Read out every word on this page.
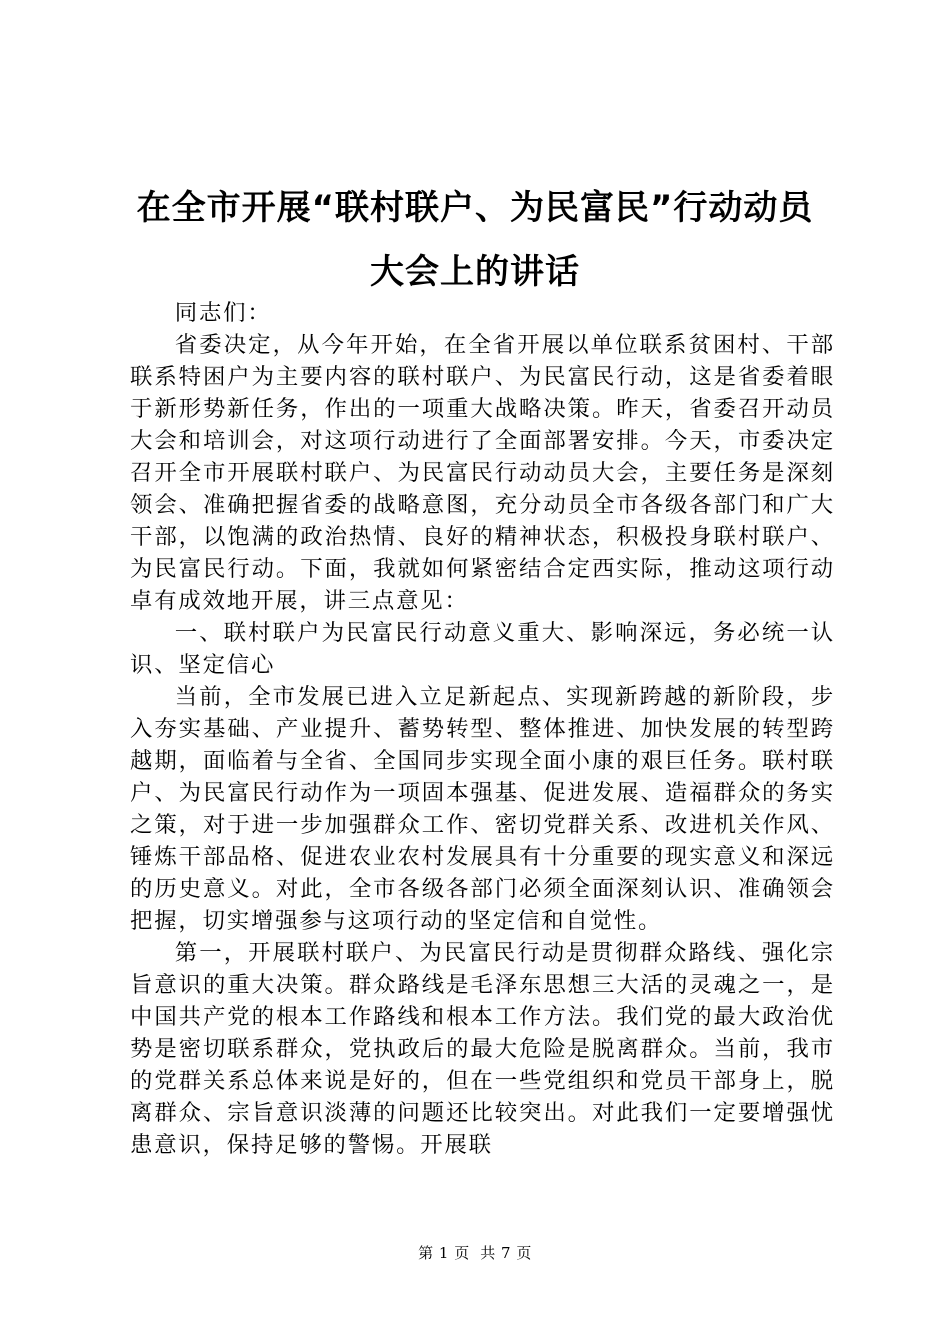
在全市开展“联村联户、为民富民”行动动员
大会上的讲话

同志们：

省委决定，从今年开始，在全省开展以单位联系贫困村、干部联系特困户为主要内容的联村联户、为民富民行动，这是省委着眼于新形势新任务，作出的一项重大战略决策。昨天，省委召开动员大会和培训会，对这项行动进行了全面部署安排。今天，市委决定召开全市开展联村联户、为民富民行动动员大会，主要任务是深刻领会、准确把握省委的战略意图，充分动员全市各级各部门和广大干部，以饱满的政治热情、良好的精神状态，积极投身联村联户、为民富民行动。下面，我就如何紧密结合定西实际，推动这项行动卓有成效地开展，讲三点意见：

一、联村联户为民富民行动意义重大、影响深远，务必统一认识、坚定信心

当前，全市发展已进入立足新起点、实现新跨越的新阶段，步入夯实基础、产业提升、蓄势转型、整体推进、加快发展的转型跨越期，面临着与全省、全国同步实现全面小康的艰巨任务。联村联户、为民富民行动作为一项固本强基、促进发展、造福群众的务实之策，对于进一步加强群众工作、密切党群关系、改进机关作风、锤炼干部品格、促进农业农村发展具有十分重要的现实意义和深远的历史意义。对此，全市各级各部门必须全面深刻认识、准确领会把握，切实增强参与这项行动的坚定信和自觉性。

第一，开展联村联户、为民富民行动是贯彻群众路线、强化宗旨意识的重大决策。群众路线是毛泽东思想三大活的灵魂之一，是中国共产党的根本工作路线和根本工作方法。我们党的最大政治优势是密切联系群众，党执政后的最大危险是脱离群众。当前，我市的党群关系总体来说是好的，但在一些党组织和党员干部身上，脱离群众、宗旨意识淡薄的问题还比较突出。对此我们一定要增强忧患意识，保持足够的警惕。开展联

第 1 页  共 7 页
